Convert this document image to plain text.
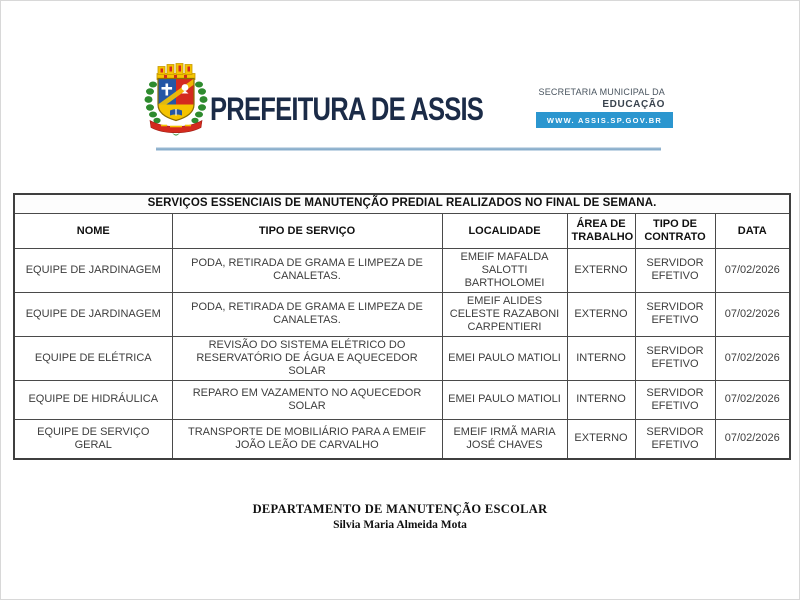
PREFEITURA DE ASSIS	SECRETARIA MUNICIPAL DA
EDUCAÇÃO
WWW. ASSIS.SP.GOV.BR
SERVIÇOS ESSENCIAIS DE MANUTENÇÃO PREDIAL REALIZADOS NO FINAL DE SEMANA.					
NOME	TIPO DE SERVIÇO	LOCALIDADE	ÁREA DE TRABALHO	TIPO DE CONTRATO	DATA
EQUIPE DE JARDINAGEM	PODA, RETIRADA DE GRAMA E LIMPEZA DE CANALETAS.	EMEIF MAFALDA SALOTTI BARTHOLOMEI	EXTERNO	SERVIDOR EFETIVO	07/02/2026
EQUIPE DE JARDINAGEM	PODA, RETIRADA DE GRAMA E LIMPEZA DE CANALETAS.	EMEIF ALIDES CELESTE RAZABONI CARPENTIERI	EXTERNO	SERVIDOR EFETIVO	07/02/2026
EQUIPE DE ELÉTRICA	REVISÃO DO SISTEMA ELÉTRICO DO RESERVATÓRIO DE ÁGUA E AQUECEDOR SOLAR	EMEI PAULO MATIOLI	INTERNO	SERVIDOR EFETIVO	07/02/2026
EQUIPE DE HIDRÁULICA	REPARO EM VAZAMENTO NO AQUECEDOR SOLAR	EMEI PAULO MATIOLI	INTERNO	SERVIDOR EFETIVO	07/02/2026
EQUIPE DE SERVIÇO GERAL	TRANSPORTE DE MOBILIÁRIO PARA A EMEIF JOÃO LEÃO DE CARVALHO	EMEIF IRMÃ MARIA JOSÉ CHAVES	EXTERNO	SERVIDOR EFETIVO	07/02/2026
DEPARTAMENTO DE MANUTENÇÃO ESCOLAR
Silvia Maria Almeida Mota
